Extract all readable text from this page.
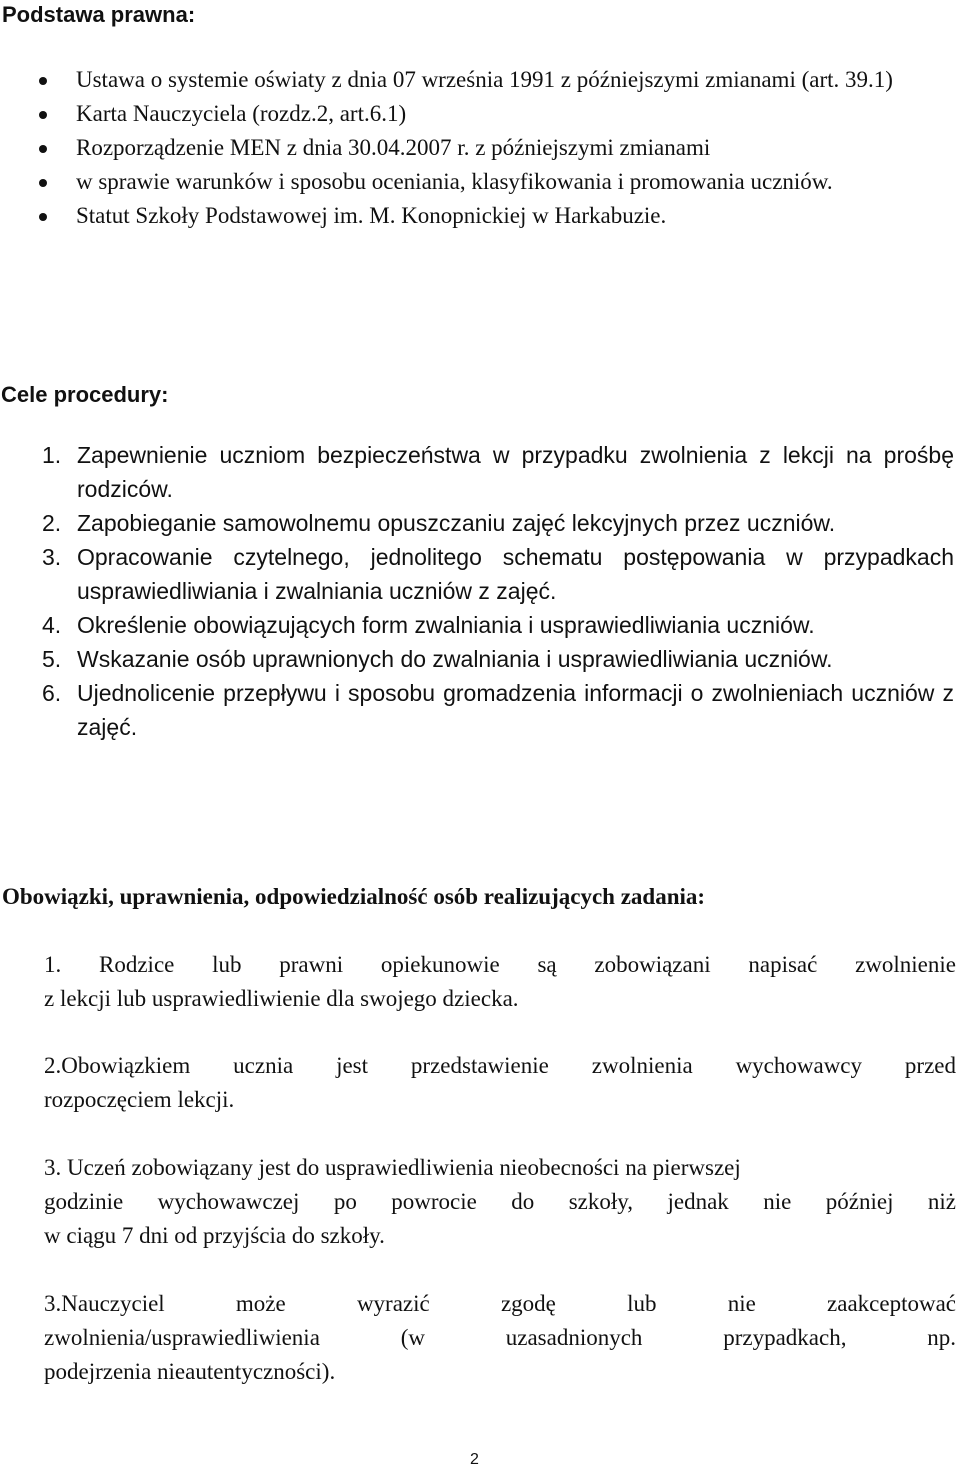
Podstawa prawna:
Ustawa o systemie oświaty z dnia 07 września 1991 z późniejszymi zmianami (art. 39.1)
Karta Nauczyciela (rozdz.2, art.6.1)
Rozporządzenie MEN z dnia 30.04.2007 r. z późniejszymi zmianami
w sprawie warunków i sposobu oceniania, klasyfikowania i promowania uczniów.
Statut Szkoły Podstawowej im. M. Konopnickiej w Harkabuzie.
Cele procedury:
1. Zapewnienie uczniom bezpieczeństwa w przypadku zwolnienia z lekcji na prośbę rodziców.
2. Zapobieganie samowolnemu opuszczaniu zajęć lekcyjnych przez uczniów.
3. Opracowanie czytelnego, jednolitego schematu postępowania w przypadkach usprawiedliwiania i zwalniania uczniów z zajęć.
4. Określenie obowiązujących form zwalniania i usprawiedliwiania uczniów.
5. Wskazanie osób uprawnionych do zwalniania i usprawiedliwiania uczniów.
6. Ujednolicenie przepływu i sposobu gromadzenia informacji o zwolnieniach uczniów z zajęć.
Obowiązki, uprawnienia, odpowiedzialność osób realizujących zadania:

1. Rodzice lub prawni opiekunowie są zobowiązani napisać zwolnienie
z lekcji lub usprawiedliwienie dla swojego dziecka.

2.Obowiązkiem ucznia jest przedstawienie zwolnienia wychowawcy przed
rozpoczęciem lekcji.

3. Uczeń zobowiązany jest do usprawiedliwienia nieobecności na pierwszej
godzinie wychowawczej po powrocie do szkoły, jednak nie później niż
w ciągu 7 dni od przyjścia do szkoły.

3.Nauczyciel może wyrazić zgodę lub nie zaakceptować
zwolnienia/usprawiedliwienia (w uzasadnionych przypadkach, np.
podejrzenia nieautentyczności).

2
